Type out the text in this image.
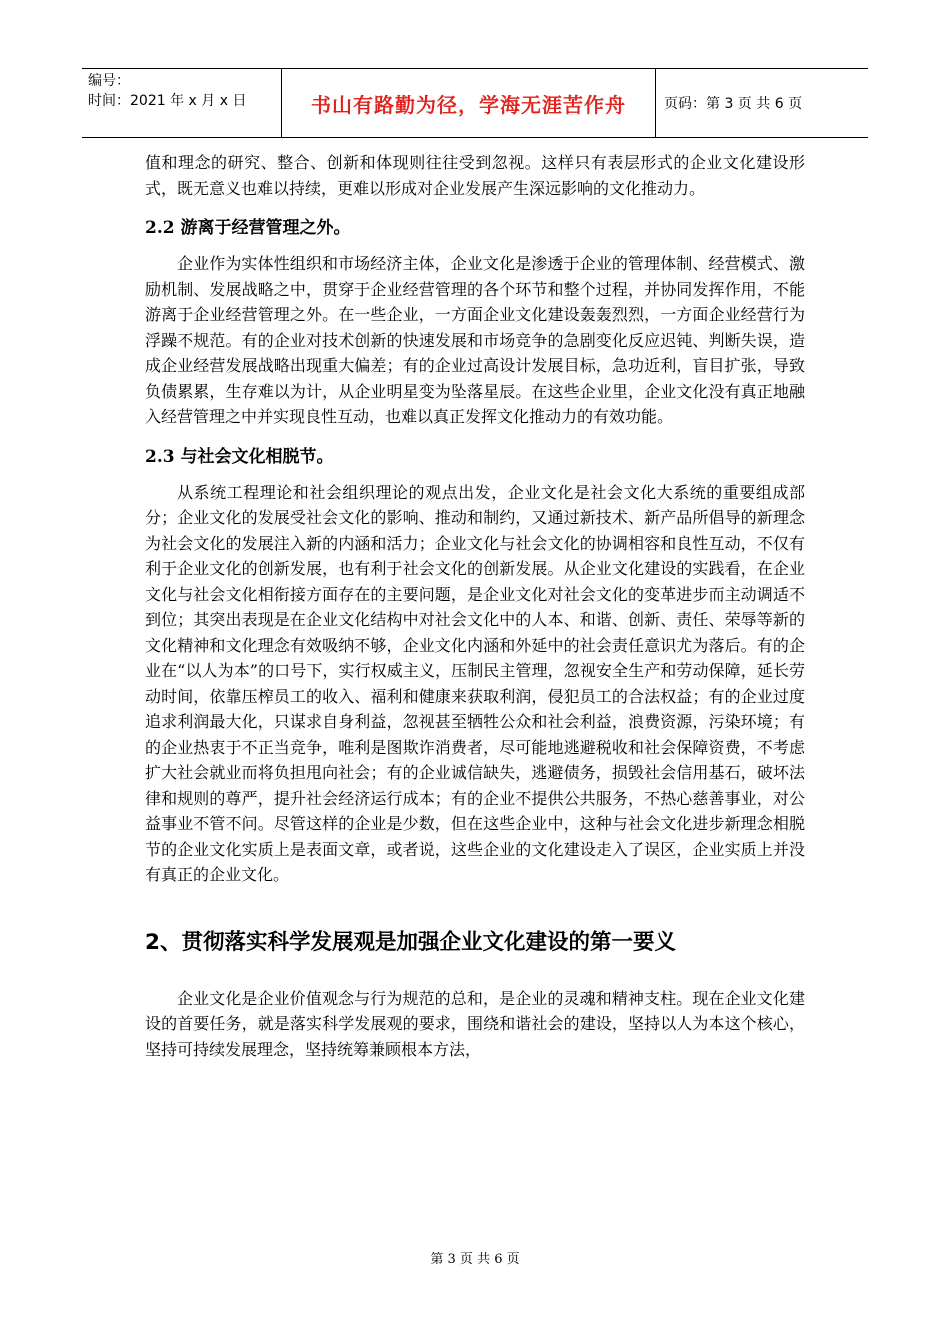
编号：
时间：2021 年 x 月 x 日	书山有路勤为径，学海无涯苦作舟	页码：第 3 页 共 6 页

值和理念的研究、整合、创新和体现则往往受到忽视。这样只有表层形式的企业文化建设形式，既无意义也难以持续，更难以形成对企业发展产生深远影响的文化推动力。

2.2 游离于经营管理之外。

企业作为实体性组织和市场经济主体，企业文化是渗透于企业的管理体制、经营模式、激励机制、发展战略之中，贯穿于企业经营管理的各个环节和整个过程，并协同发挥作用，不能游离于企业经营管理之外。在一些企业，一方面企业文化建设轰轰烈烈，一方面企业经营行为浮躁不规范。有的企业对技术创新的快速发展和市场竞争的急剧变化反应迟钝、判断失误，造成企业经营发展战略出现重大偏差；有的企业过高设计发展目标，急功近利，盲目扩张，导致负债累累，生存难以为计，从企业明星变为坠落星辰。在这些企业里，企业文化没有真正地融入经营管理之中并实现良性互动，也难以真正发挥文化推动力的有效功能。

2.3 与社会文化相脱节。

从系统工程理论和社会组织理论的观点出发，企业文化是社会文化大系统的重要组成部分；企业文化的发展受社会文化的影响、推动和制约，又通过新技术、新产品所倡导的新理念为社会文化的发展注入新的内涵和活力；企业文化与社会文化的协调相容和良性互动，不仅有利于企业文化的创新发展，也有利于社会文化的创新发展。从企业文化建设的实践看，在企业文化与社会文化相衔接方面存在的主要问题，是企业文化对社会文化的变革进步而主动调适不到位；其突出表现是在企业文化结构中对社会文化中的人本、和谐、创新、责任、荣辱等新的文化精神和文化理念有效吸纳不够，企业文化内涵和外延中的社会责任意识尤为落后。有的企业在“以人为本”的口号下，实行权威主义，压制民主管理，忽视安全生产和劳动保障，延长劳动时间，依靠压榨员工的收入、福利和健康来获取利润，侵犯员工的合法权益；有的企业过度追求利润最大化，只谋求自身利益，忽视甚至牺牲公众和社会利益，浪费资源，污染环境；有的企业热衷于不正当竞争，唯利是图欺诈消费者，尽可能地逃避税收和社会保障资费，不考虑扩大社会就业而将负担甩向社会；有的企业诚信缺失，逃避债务，损毁社会信用基石，破坏法律和规则的尊严，提升社会经济运行成本；有的企业不提供公共服务，不热心慈善事业，对公益事业不管不问。尽管这样的企业是少数，但在这些企业中，这种与社会文化进步新理念相脱节的企业文化实质上是表面文章，或者说，这些企业的文化建设走入了误区，企业实质上并没有真正的企业文化。

2、贯彻落实科学发展观是加强企业文化建设的第一要义

企业文化是企业价值观念与行为规范的总和，是企业的灵魂和精神支柱。现在企业文化建设的首要任务，就是落实科学发展观的要求，围绕和谐社会的建设，坚持以人为本这个核心，坚持可持续发展理念，坚持统筹兼顾根本方法，

第 3 页 共 6 页
